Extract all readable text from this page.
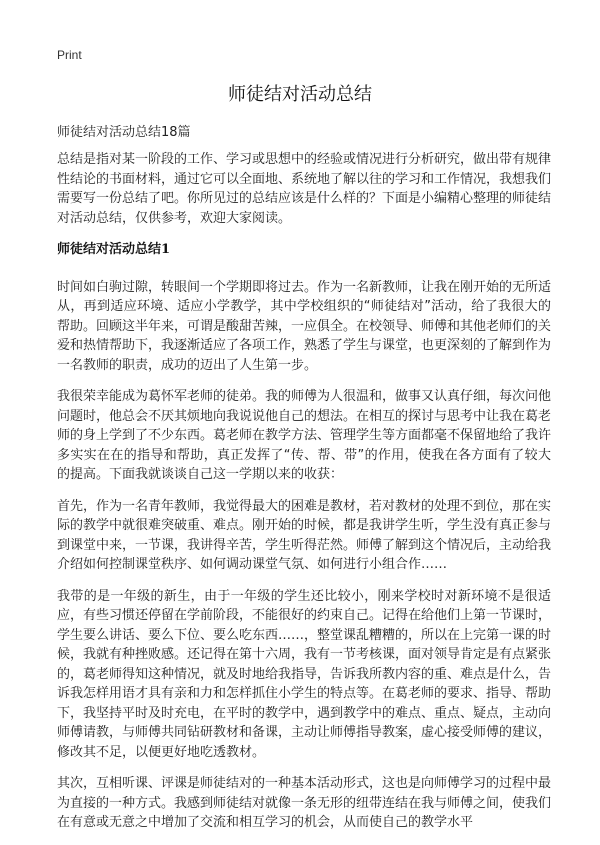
Print
师徒结对活动总结
师徒结对活动总结18篇

总结是指对某一阶段的工作、学习或思想中的经验或情况进行分析研究，做出带有规律性结论的书面材料，通过它可以全面地、系统地了解以往的学习和工作情况，我想我们需要写一份总结了吧。你所见过的总结应该是什么样的？下面是小编精心整理的师徒结对活动总结，仅供参考，欢迎大家阅读。

师徒结对活动总结1

时间如白驹过隙，转眼间一个学期即将过去。作为一名新教师，让我在刚开始的无所适从，再到适应环境、适应小学教学，其中学校组织的“师徒结对”活动，给了我很大的帮助。回顾这半年来，可谓是酸甜苦辣，一应俱全。在校领导、师傅和其他老师们的关爱和热情帮助下，我逐渐适应了各项工作，熟悉了学生与课堂，也更深刻的了解到作为一名教师的职责，成功的迈出了人生第一步。

我很荣幸能成为葛怀军老师的徒弟。我的师傅为人很温和，做事又认真仔细，每次问他问题时，他总会不厌其烦地向我说说他自己的想法。在相互的探讨与思考中让我在葛老师的身上学到了不少东西。葛老师在教学方法、管理学生等方面都毫不保留地给了我许多实实在在的指导和帮助，真正发挥了“传、帮、带”的作用，使我在各方面有了较大的提高。下面我就谈谈自己这一学期以来的收获：

首先，作为一名青年教师，我觉得最大的困难是教材，若对教材的处理不到位，那在实际的教学中就很难突破重、难点。刚开始的时候，都是我讲学生听，学生没有真正参与到课堂中来，一节课，我讲得辛苦，学生听得茫然。师傅了解到这个情况后，主动给我介绍如何控制课堂秩序、如何调动课堂气氛、如何进行小组合作……

我带的是一年级的新生，由于一年级的学生还比较小，刚来学校时对新环境不是很适应，有些习惯还停留在学前阶段，不能很好的约束自己。记得在给他们上第一节课时，学生要么讲话、要么下位、要么吃东西……，整堂课乱糟糟的，所以在上完第一课的时候，我就有种挫败感。还记得在第十六周，我有一节考核课，面对领导肯定是有点紧张的，葛老师得知这种情况，就及时地给我指导，告诉我所教内容的重、难点是什么，告诉我怎样用语才具有亲和力和怎样抓住小学生的特点等。在葛老师的要求、指导、帮助下，我坚持平时及时充电，在平时的教学中，遇到教学中的难点、重点、疑点，主动向师傅请教，与师傅共同钻研教材和备课，主动让师傅指导教案，虚心接受师傅的建议，修改其不足，以便更好地吃透教材。

其次，互相听课、评课是师徒结对的一种基本活动形式，这也是向师傅学习的过程中最为直接的一种方式。我感到师徒结对就像一条无形的纽带连结在我与师傅之间，使我们在有意或无意之中增加了交流和相互学习的机会，从而使自己的教学水平
